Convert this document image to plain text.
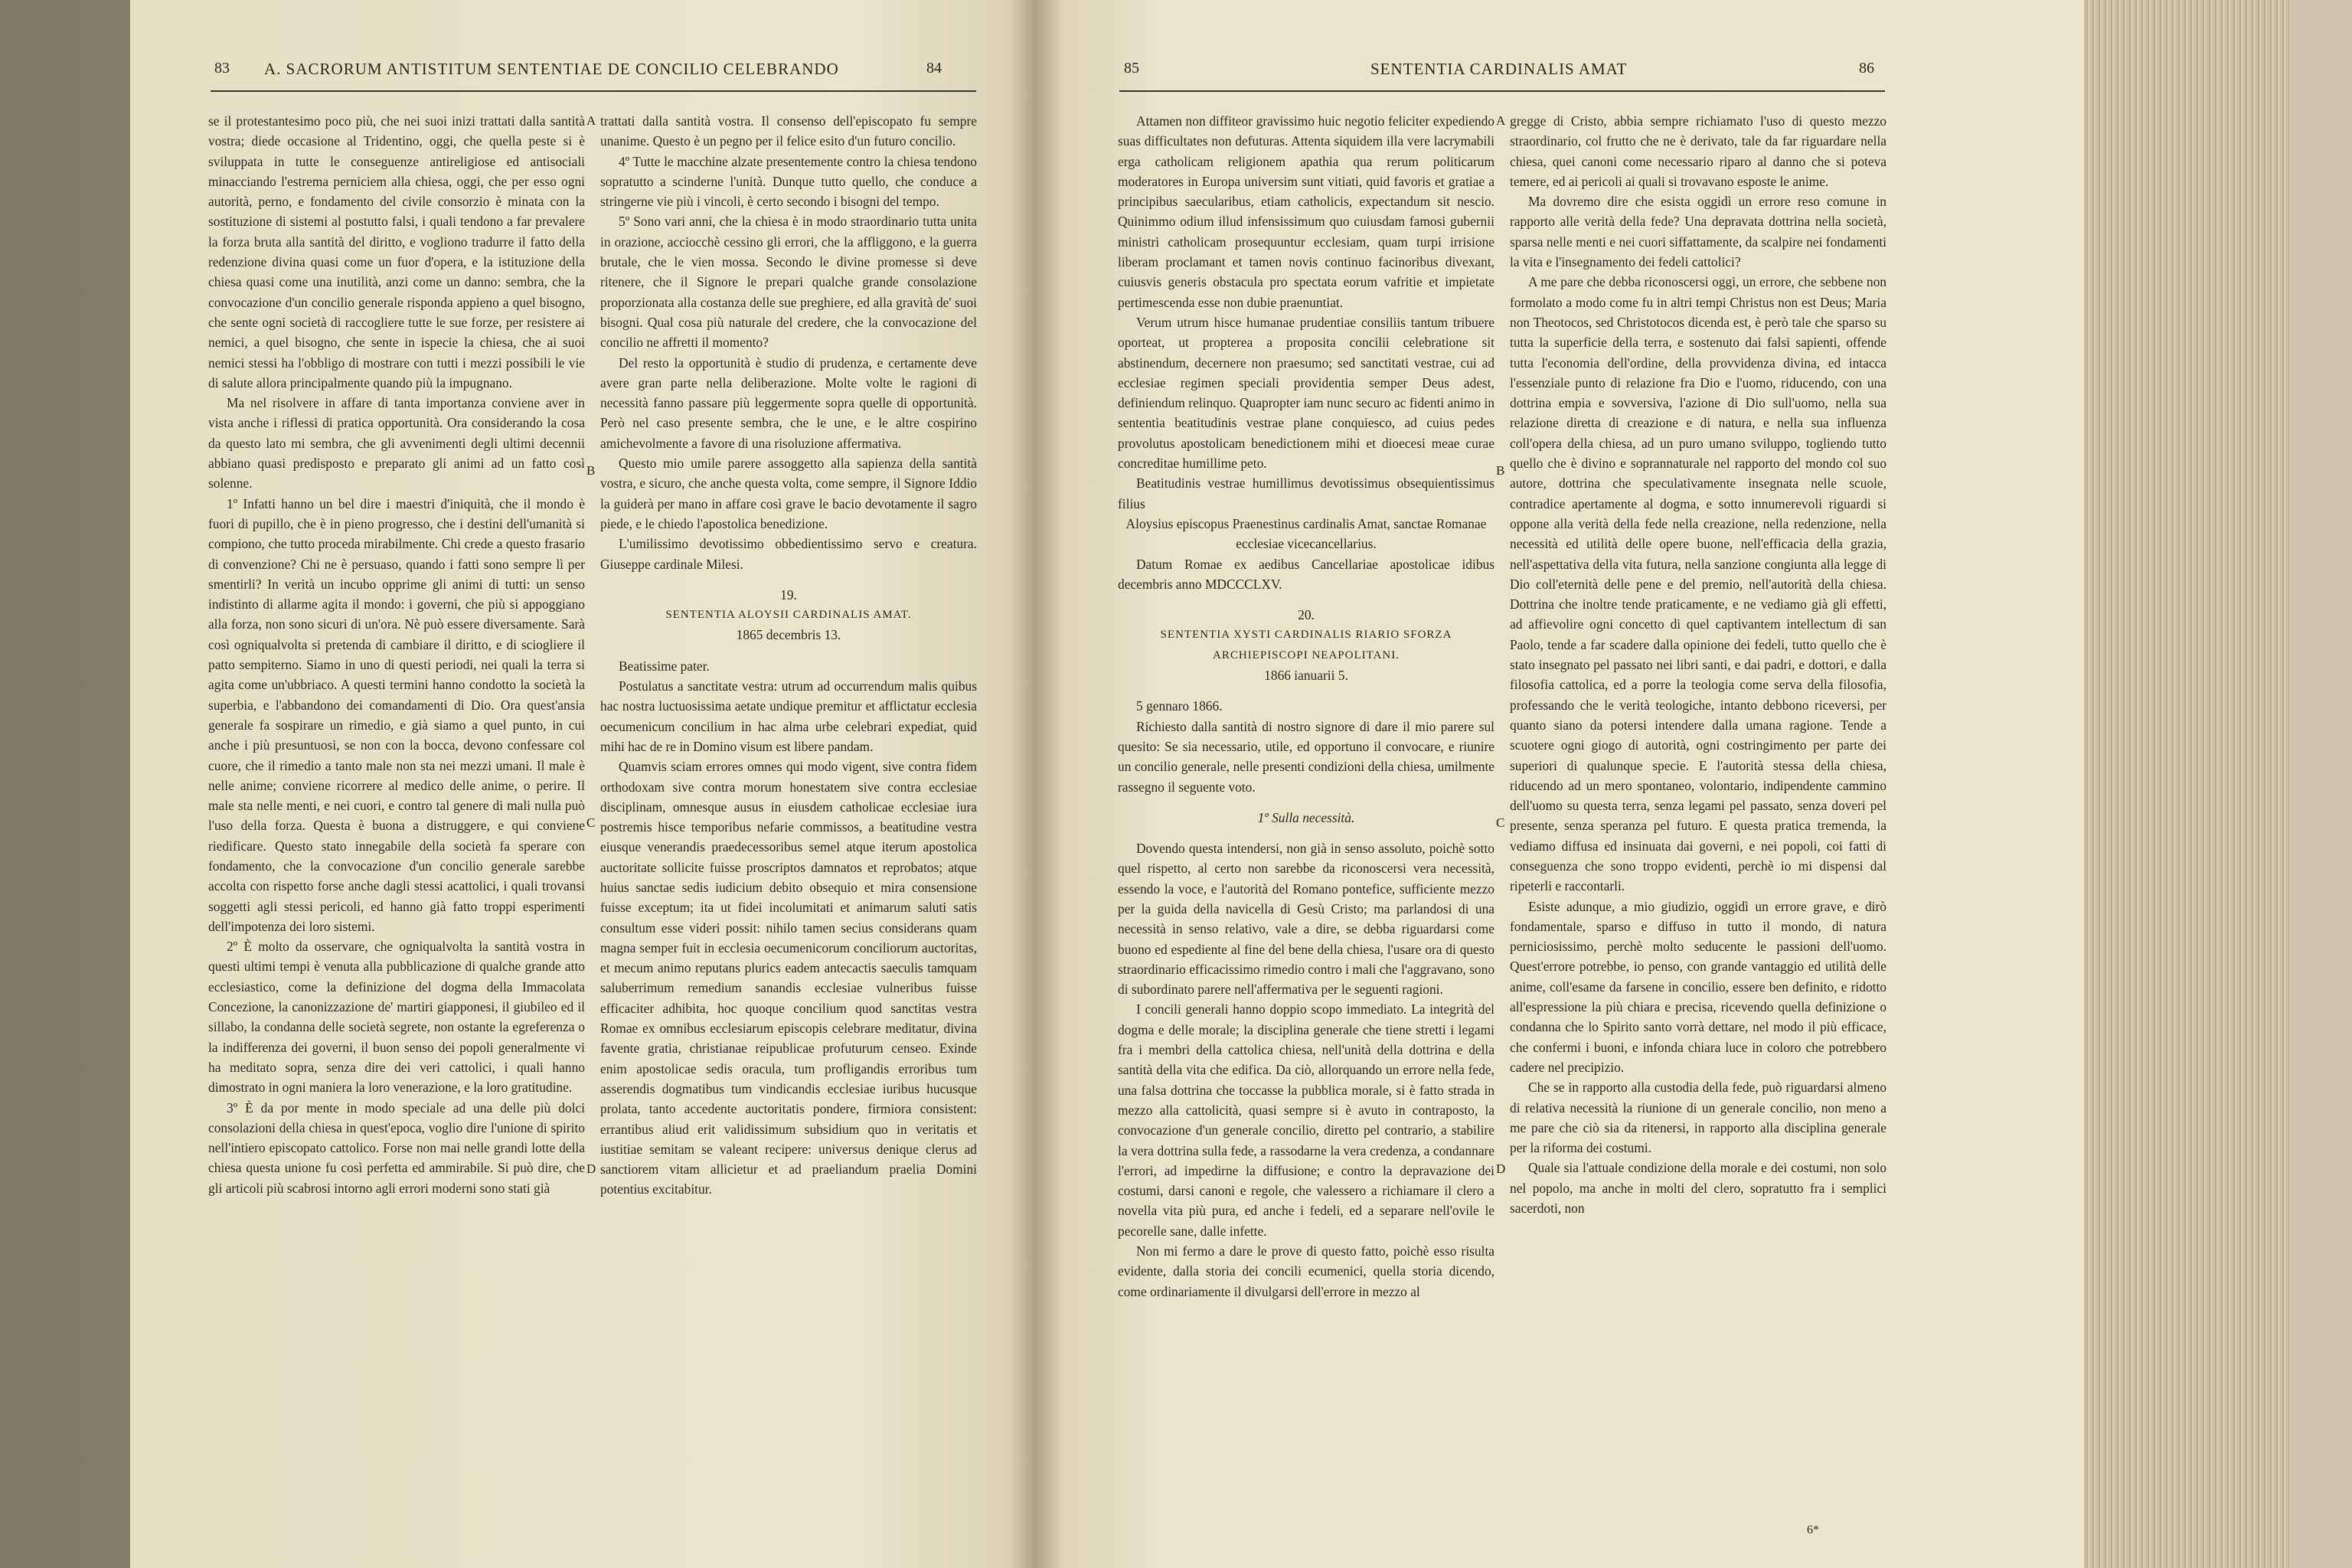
83 A. SACRORUM ANTISTITUM SENTENTIAE DE CONCILIO CELEBRANDO	84

se il protestantesimo poco più, che nei suoi inizi trattati dalla santità vostra; diede occasione al Tridentino, oggi, che quella peste si è sviluppata in tutte le conseguenze antireligiose ed antisociali minacciando l'estrema perniciem alla chiesa, oggi, che per esso ogni autorità, perno, e fondamento del civile consorzio è minata con la sostituzione di sistemi al postutto falsi, i quali tendono a far prevalere la forza bruta alla santità del diritto, e vogliono tradurre il fatto della redenzione divina quasi come un fuor d'opera, e la istituzione della chiesa quasi come una inutilità, anzi come un danno: sembra, che la convocazione d'un concilio generale risponda appieno a quel bisogno, che sente ogni società di raccogliere tutte le sue forze, per resistere ai nemici, a quel bisogno, che sente in ispecie la chiesa, che ai suoi nemici stessi ha l'obbligo di mostrare con tutti i mezzi possibili le vie di salute allora principalmente quando più la impugnano.

Ma nel risolvere in affare di tanta importanza conviene aver in vista anche i riflessi di pratica opportunità. Ora considerando la cosa da questo lato mi sembra, che gli avvenimenti degli ultimi decennii abbiano quasi predisposto e preparato gli animi ad un fatto così solenne.

1º Infatti hanno un bel dire i maestri d'iniquità, che il mondo è fuori di pupillo, che è in pieno progresso, che i destini dell'umanità si compiono, che tutto proceda mirabilmente. Chi crede a questo frasario di convenzione? Chi ne è persuaso, quando i fatti sono sempre lì per smentirli? In verità un incubo opprime gli animi di tutti: un senso indistinto di allarme agita il mondo: i governi, che più si appoggiano alla forza, non sono sicuri di un'ora. Nè può essere diversamente. Sarà così ogniqualvolta si pretenda di cambiare il diritto, e di sciogliere il patto sempiterno. Siamo in uno di questi periodi, nei quali la terra si agita come un'ubbriaco. A questi termini hanno condotto la società la superbia, e l'abbandono dei comandamenti di Dio. Ora quest'ansia generale fa sospirare un rimedio, e già siamo a quel punto, in cui anche i più presuntuosi, se non con la bocca, devono confessare col cuore, che il rimedio a tanto male non sta nei mezzi umani. Il male è nelle anime; conviene ricorrere al medico delle anime, o perire. Il male sta nelle menti, e nei cuori, e contro tal genere di mali nulla può l'uso della forza. Questa è buona a distruggere, e qui conviene riedificare. Questo stato innegabile della società fa sperare con fondamento, che la convocazione d'un concilio generale sarebbe accolta con rispetto forse anche dagli stessi acattolici, i quali trovansi soggetti agli stessi pericoli, ed hanno già fatto troppi esperimenti dell'impotenza dei loro sistemi.

2º È molto da osservare, che ogniqualvolta la santità vostra in questi ultimi tempi è venuta alla pubblicazione di qualche grande atto ecclesiastico, come la definizione del dogma della Immacolata Concezione, la canonizzazione de' martiri giapponesi, il giubileo ed il sillabo, la condanna delle società segrete, non ostante la egreferenza o la indifferenza dei governi, il buon senso dei popoli generalmente vi ha meditato sopra, senza dire dei veri cattolici, i quali hanno dimostrato in ogni maniera la loro venerazione, e la loro gratitudine.

3º È da por mente in modo speciale ad una delle più dolci consolazioni della chiesa in quest'epoca, voglio dire l'unione di spirito nell'intiero episcopato cattolico. Forse non mai nelle grandi lotte della chiesa questa unione fu così perfetta ed ammirabile. Si può dire, che gli articoli più scabrosi intorno agli errori moderni sono stati già

trattati dalla santità vostra. Il consenso dell'episcopato fu sempre unanime. Questo è un pegno per il felice esito d'un futuro concilio.

4º Tutte le macchine alzate presentemente contro la chiesa tendono sopratutto a scinderne l'unità. Dunque tutto quello, che conduce a stringerne vie più i vincoli, è certo secondo i bisogni del tempo.

5º Sono vari anni, che la chiesa è in modo straordinario tutta unita in orazione, acciocchè cessino gli errori, che la affliggono, e la guerra brutale, che le vien mossa. Secondo le divine promesse si deve ritenere, che il Signore le prepari qualche grande consolazione proporzionata alla costanza delle sue preghiere, ed alla gravità de' suoi bisogni. Qual cosa più naturale del credere, che la convocazione del concilio ne affretti il momento?

Del resto la opportunità è studio di prudenza, e certamente deve avere gran parte nella deliberazione. Molte volte le ragioni di necessità fanno passare più leggermente sopra quelle di opportunità. Però nel caso presente sembra, che le une, e le altre cospirino amichevolmente a favore di una risoluzione affermativa.

Questo mio umile parere assoggetto alla sapienza della santità vostra, e sicuro, che anche questa volta, come sempre, il Signore Iddio la guiderà per mano in affare così grave le bacio devotamente il sagro piede, e le chiedo l'apostolica benedizione.

L'umilissimo devotissimo obbedientissimo servo e creatura. Giuseppe cardinale Milesi.

19.

SENTENTIA ALOYSII CARDINALIS AMAT.

1865 decembris 13.

Beatissime pater.

Postulatus a sanctitate vestra: utrum ad occurrendum malis quibus hac nostra luctuosissima aetate undique premitur et afflictatur ecclesia oecumenicum concilium in hac alma urbe celebrari expediat, quid mihi hac de re in Domino visum est libere pandam.

Quamvis sciam errores omnes qui modo vigent, sive contra fidem orthodoxam sive contra morum honestatem sive contra ecclesiae disciplinam, omnesque ausus in eiusdem catholicae ecclesiae iura postremis hisce temporibus nefarie commissos, a beatitudine vestra eiusque venerandis praedecessoribus semel atque iterum apostolica auctoritate sollicite fuisse proscriptos damnatos et reprobatos; atque huius sanctae sedis iudicium debito obsequio et mira consensione fuisse exceptum; ita ut fidei incolumitati et animarum saluti satis consultum esse videri possit: nihilo tamen secius considerans quam magna semper fuit in ecclesia oecumenicorum conciliorum auctoritas, et mecum animo reputans plurics eadem antecactis saeculis tamquam saluberrimum remedium sanandis ecclesiae vulneribus fuisse efficaciter adhibita, hoc quoque concilium quod sanctitas vestra Romae ex omnibus ecclesiarum episcopis celebrare meditatur, divina favente gratia, christianae reipublicae profuturum censeo. Exinde enim apostolicae sedis oracula, tum profligandis erroribus tum asserendis dogmatibus tum vindicandis ecclesiae iuribus hucusque prolata, tanto accedente auctoritatis pondere, firmiora consistent: errantibus aliud erit validissimum subsidium quo in veritatis et iustitiae semitam se valeant recipere: universus denique clerus ad sanctiorem vitam allicietur et ad praeliandum praelia Domini potentius excitabitur.

A
B
C
D
85	SENTENTIA CARDINALIS AMAT	86

Attamen non diffiteor gravissimo huic negotio feliciter expediendo suas difficultates non defuturas. Attenta siquidem illa vere lacrymabili erga catholicam religionem apathia qua rerum politicarum moderatores in Europa universim sunt vitiati, quid favoris et gratiae a principibus saecularibus, etiam catholicis, expectandum sit nescio. Quinimmo odium illud infensissimum quo cuiusdam famosi gubernii ministri catholicam prosequuntur ecclesiam, quam turpi irrisione liberam proclamant et tamen novis continuo facinoribus divexant, cuiusvis generis obstacula pro spectata eorum vafritie et impietate pertimescenda esse non dubie praenuntiat.

Verum utrum hisce humanae prudentiae consiliis tantum tribuere oporteat, ut propterea a proposita concilii celebratione sit abstinendum, decernere non praesumo; sed sanctitati vestrae, cui ad ecclesiae regimen speciali providentia semper Deus adest, definiendum relinquo. Quapropter iam nunc securo ac fidenti animo in sententia beatitudinis vestrae plane conquiesco, ad cuius pedes provolutus apostolicam benedictionem mihi et dioecesi meae curae concreditae humillime peto.

Beatitudinis vestrae humillimus devotissimus obsequientissimus filius

Aloysius episcopus Praenestinus cardinalis Amat, sanctae Romanae ecclesiae vicecancellarius.

Datum Romae ex aedibus Cancellariae apostolicae idibus decembris anno MDCCCLXV.

20.

SENTENTIA XYSTI CARDINALIS RIARIO SFORZA ARCHIEPISCOPI NEAPOLITANI.

1866 ianuarii 5.

5 gennaro 1866.

Richiesto dalla santità di nostro signore di dare il mio parere sul quesito: Se sia necessario, utile, ed opportuno il convocare, e riunire un concilio generale, nelle presenti condizioni della chiesa, umilmente rassegno il seguente voto.

1º Sulla necessità.

Dovendo questa intendersi, non già in senso assoluto, poichè sotto quel rispetto, al certo non sarebbe da riconoscersi vera necessità, essendo la voce, e l'autorità del Romano pontefice, sufficiente mezzo per la guida della navicella di Gesù Cristo; ma parlandosi di una necessità in senso relativo, vale a dire, se debba riguardarsi come buono ed espediente al fine del bene della chiesa, l'usare ora di questo straordinario efficacissimo rimedio contro i mali che l'aggravano, sono di subordinato parere nell'affermativa per le seguenti ragioni.

I concili generali hanno doppio scopo immediato. La integrità del dogma e delle morale; la disciplina generale che tiene stretti i legami fra i membri della cattolica chiesa, nell'unità della dottrina e della santità della vita che edifica. Da ciò, allorquando un errore nella fede, una falsa dottrina che toccasse la pubblica morale, si è fatto strada in mezzo alla cattolicità, quasi sempre si è avuto in contraposto, la convocazione d'un generale concilio, diretto pel contrario, a stabilire la vera dottrina sulla fede, a rassodarne la vera credenza, a condannare l'errori, ad impedirne la diffusione; e contro la depravazione dei costumi, darsi canoni e regole, che valessero a richiamare il clero a novella vita più pura, ed anche i fedeli, ed a separare nell'ovile le pecorelle sane, dalle infette.

Non mi fermo a dare le prove di questo fatto, poichè esso risulta evidente, dalla storia dei concili ecumenici, quella storia dicendo, come ordinariamente il divulgarsi dell'errore in mezzo al

gregge di Cristo, abbia sempre richiamato l'uso di questo mezzo straordinario, col frutto che ne è derivato, tale da far riguardare nella chiesa, quei canoni come necessario riparo al danno che si poteva temere, ed ai pericoli ai quali si trovavano esposte le anime.

Ma dovremo dire che esista oggidì un errore reso comune in rapporto alle verità della fede? Una depravata dottrina nella società, sparsa nelle menti e nei cuori siffattamente, da scalpire nei fondamenti la vita e l'insegnamento dei fedeli cattolici?

A me pare che debba riconoscersi oggi, un errore, che sebbene non formolato a modo come fu in altri tempi Christus non est Deus; Maria non Theotocos, sed Christotocos dicenda est, è però tale che sparso su tutta la superficie della terra, e sostenuto dai falsi sapienti, offende tutta l'economia dell'ordine, della provvidenza divina, ed intacca l'essenziale punto di relazione fra Dio e l'uomo, riducendo, con una dottrina empia e sovversiva, l'azione di Dio sull'uomo, nella sua relazione diretta di creazione e di natura, e nella sua influenza coll'opera della chiesa, ad un puro umano sviluppo, togliendo tutto quello che è divino e soprannaturale nel rapporto del mondo col suo autore, dottrina che speculativamente insegnata nelle scuole, contradice apertamente al dogma, e sotto innumerevoli riguardi si oppone alla verità della fede nella creazione, nella redenzione, nella necessità ed utilità delle opere buone, nell'efficacia della grazia, nell'aspettativa della vita futura, nella sanzione congiunta alla legge di Dio coll'eternità delle pene e del premio, nell'autorità della chiesa. Dottrina che inoltre tende praticamente, e ne vediamo già gli effetti, ad affievolire ogni concetto di quel captivantem intellectum di san Paolo, tende a far scadere dalla opinione dei fedeli, tutto quello che è stato insegnato pel passato nei libri santi, e dai padri, e dottori, e dalla filosofia cattolica, ed a porre la teologia come serva della filosofia, professando che le verità teologiche, intanto debbono riceversi, per quanto siano da potersi intendere dalla umana ragione. Tende a scuotere ogni giogo di autorità, ogni costringimento per parte dei superiori di qualunque specie. E l'autorità stessa della chiesa, riducendo ad un mero spontaneo, volontario, indipendente cammino dell'uomo su questa terra, senza legami pel passato, senza doveri pel presente, senza speranza pel futuro. E questa pratica tremenda, la vediamo diffusa ed insinuata dai governi, e nei popoli, coi fatti di conseguenza che sono troppo evidenti, perchè io mi dispensi dal ripeterli e raccontarli.

Esiste adunque, a mio giudizio, oggidì un errore grave, e dirò fondamentale, sparso e diffuso in tutto il mondo, di natura perniciosissimo, perchè molto seducente le passioni dell'uomo. Quest'errore potrebbe, io penso, con grande vantaggio ed utilità delle anime, coll'esame da farsene in concilio, essere ben definito, e ridotto all'espressione la più chiara e precisa, ricevendo quella definizione o condanna che lo Spirito santo vorrà dettare, nel modo il più efficace, che confermi i buoni, e infonda chiara luce in coloro che potrebbero cadere nel precipizio.

Che se in rapporto alla custodia della fede, può riguardarsi almeno di relativa necessità la riunione di un generale concilio, non meno a me pare che ciò sia da ritenersi, in rapporto alla disciplina generale per la riforma dei costumi.

Quale sia l'attuale condizione della morale e dei costumi, non solo nel popolo, ma anche in molti del clero, sopratutto fra i semplici sacerdoti, non

A
B
C
D
6*
